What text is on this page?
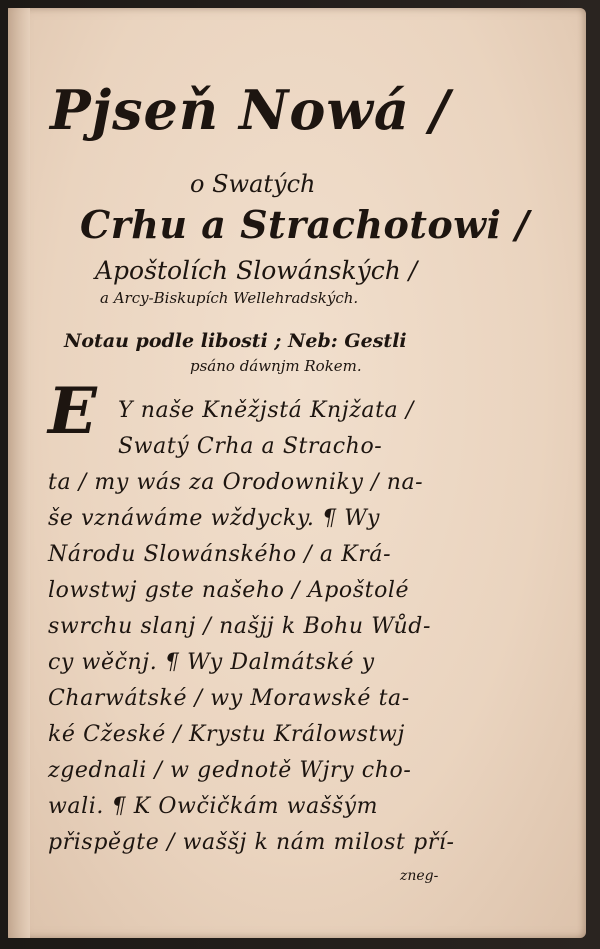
Pjseň Nowá /
o Swatých
Crhu a Strachotowi /
Apoštolích Slowánských /
a Arcy-Biskupích Wellehradských.
Notau podle libosti ; Neb: Gestli
psáno dáwnjm Rokem.
E Y naše Kněžjstá Knjžata /
Swatý Crha a Stracho-
ta / my wás za Orodowniky / na-
še vznáwáme wždycky. ¶ Wy
Národu Slowánského / a Krá-
lowstwj gste našeho / Apoštolé
swrchu slanj / našjj k Bohu Wůd-
cy wěčnj. ¶ Wy Dalmátské y
Charwátské / wy Morawské ta-
ké Cžeské / Krystu Králowstwj
zgednali / w gednotě Wjry cho-
wali. ¶ K Owčičkám waššým
přispěgte / waššj k nám milost pří-
zneg-
